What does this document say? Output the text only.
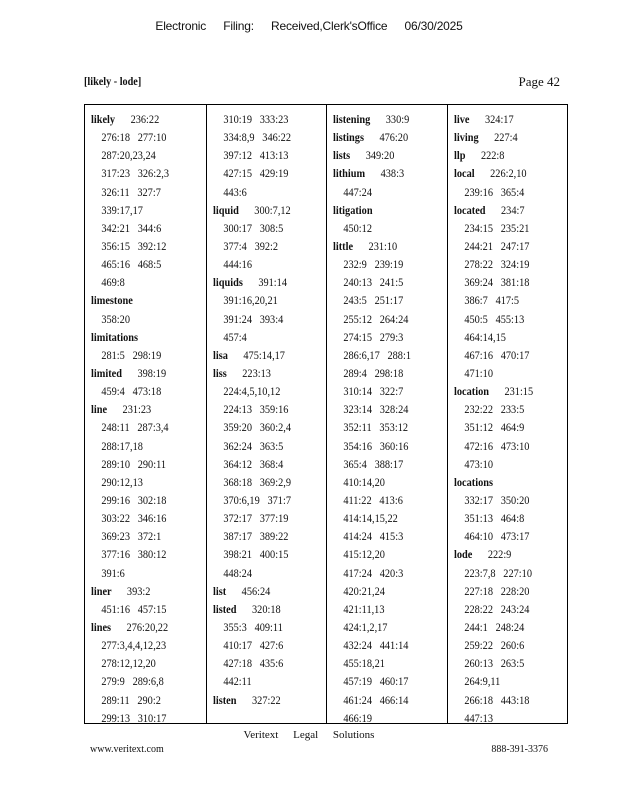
Electronic Filing: Received,Clerk'sOffice 06/30/2025
[likely - lode]	Page 42
likely 236:22
276:18   277:10
287:20,23,24
317:23   326:2,3
326:11   327:7
339:17,17
342:21   344:6
356:15   392:12
465:16   468:5
469:8
limestone
358:20
limitations
281:5   298:19
limited 398:19
459:4   473:18
line 231:23
248:11   287:3,4
288:17,18
289:10   290:11
290:12,13
299:16   302:18
303:22   346:16
369:23   372:1
377:16   380:12
391:6
liner 393:2
451:16   457:15
lines 276:20,22
277:3,4,4,12,23
278:12,12,20
279:9   289:6,8
289:11   290:2
299:13   310:17
310:19   333:23
334:8,9   346:22
397:12   413:13
427:15   429:19
443:6
liquid 300:7,12
300:17   308:5
377:4   392:2
444:16
liquids 391:14
391:16,20,21
391:24   393:4
457:4
lisa 475:14,17
liss 223:13
224:4,5,10,12
224:13   359:16
359:20   360:2,4
362:24   363:5
364:12   368:4
368:18   369:2,9
370:6,19   371:7
372:17   377:19
387:17   389:22
398:21   400:15
448:24
list 456:24
listed 320:18
355:3   409:11
410:17   427:6
427:18   435:6
442:11
listen 327:22
listening 330:9
listings 476:20
lists 349:20
lithium 438:3
447:24
litigation
450:12
little 231:10
232:9   239:19
240:13   241:5
243:5   251:17
255:12   264:24
274:15   279:3
286:6,17   288:1
289:4   298:18
310:14   322:7
323:14   328:24
352:11   353:12
354:16   360:16
365:4   388:17
410:14,20
411:22   413:6
414:14,15,22
414:24   415:3
415:12,20
417:24   420:3
420:21,24
421:11,13
424:1,2,17
432:24   441:14
455:18,21
457:19   460:17
461:24   466:14
466:19
live 324:17
living 227:4
llp 222:8
local 226:2,10
239:16   365:4
located 234:7
234:15   235:21
244:21   247:17
278:22   324:19
369:24   381:18
386:7   417:5
450:5   455:13
464:14,15
467:16   470:17
471:10
location 231:15
232:22   233:5
351:12   464:9
472:16   473:10
473:10
locations
332:17   350:20
351:13   464:8
464:10   473:17
lode 222:9
223:7,8   227:10
227:18   228:20
228:22   243:24
244:1   248:24
259:22   260:6
260:13   263:5
264:9,11
266:18   443:18
447:13
Veritext Legal Solutions
www.veritext.com	888-391-3376
